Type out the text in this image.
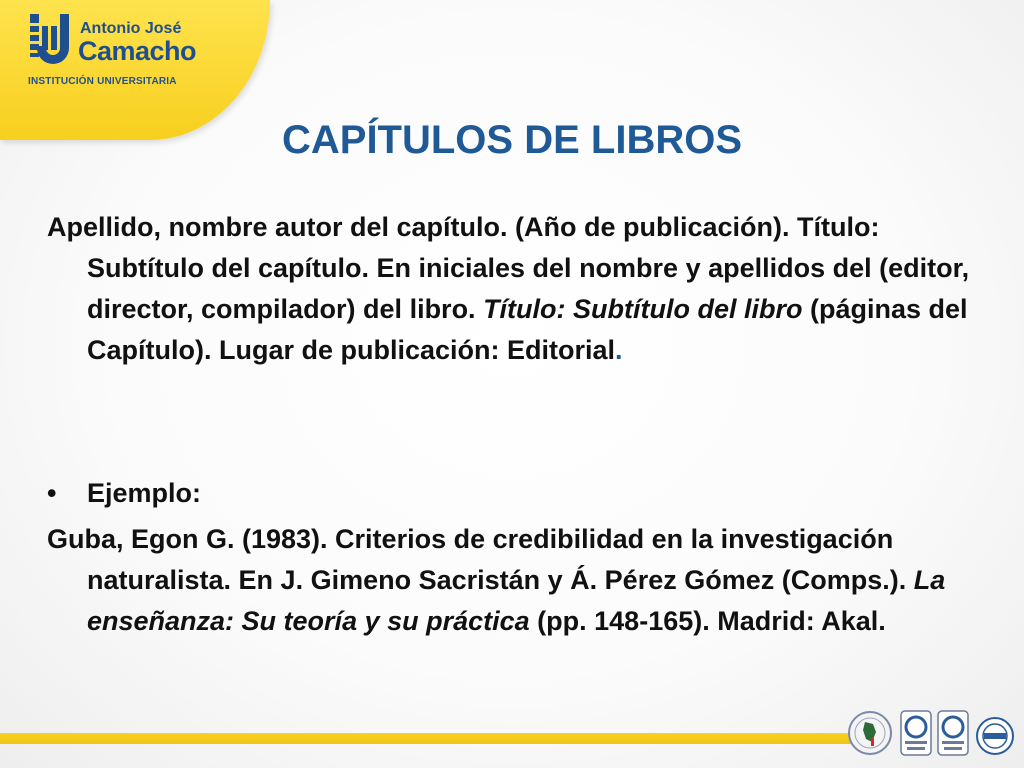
Antonio José
Camacho
INSTITUCIÓN UNIVERSITARIA
CAPÍTULOS DE LIBROS

Apellido, nombre autor del capítulo. (Año de publicación). Título: Subtítulo del capítulo. En iniciales del nombre y apellidos del (editor, director, compilador) del libro. Título: Subtítulo del libro (páginas del Capítulo). Lugar de publicación: Editorial.

• Ejemplo:

Guba, Egon G. (1983). Criterios de credibilidad en la investigación naturalista. En J. Gimeno Sacristán y Á. Pérez Gómez (Comps.). La enseñanza: Su teoría y su práctica (pp. 148-165). Madrid: Akal.
